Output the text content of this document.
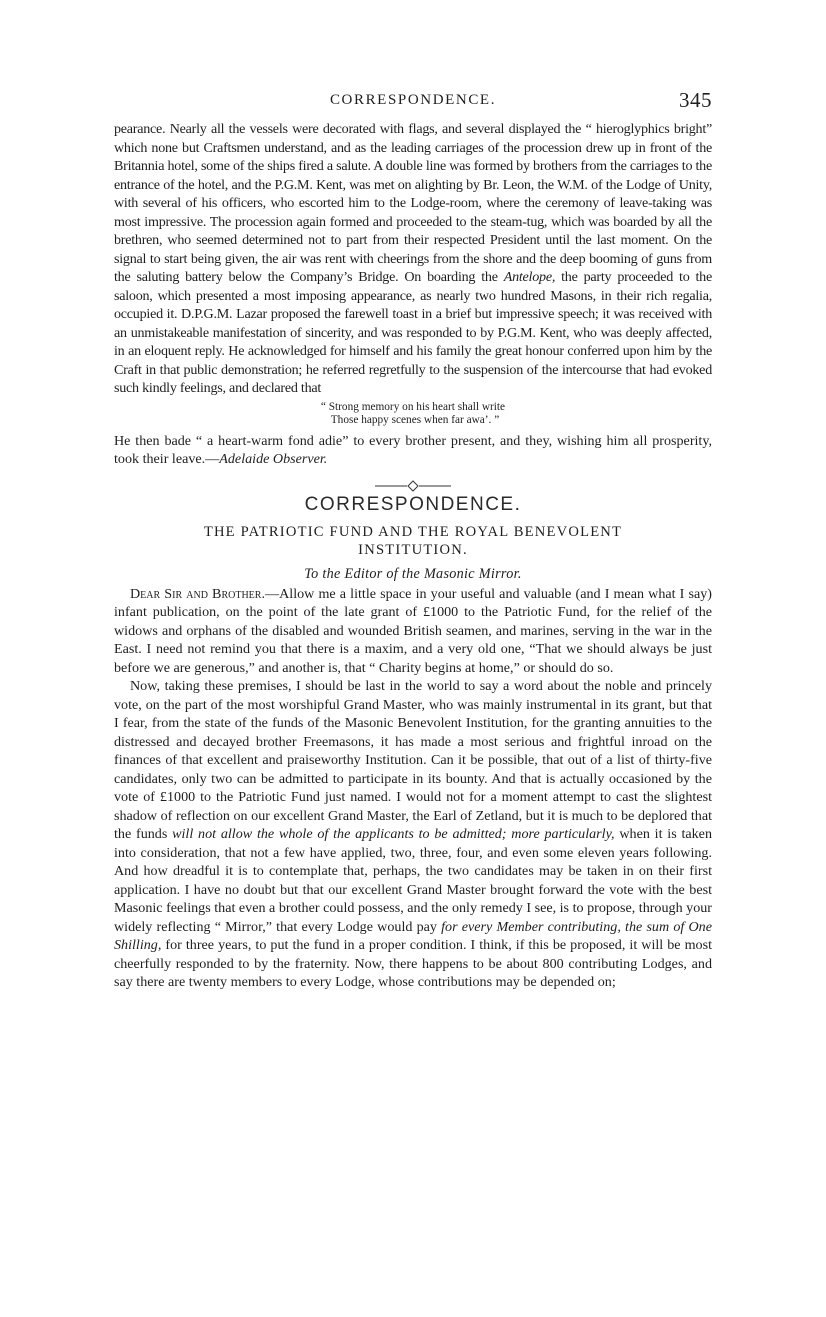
CORRESPONDENCE.	345

pearance. Nearly all the vessels were decorated with flags, and several displayed the “ hieroglyphics bright” which none but Craftsmen understand, and as the leading carriages of the procession drew up in front of the Britannia hotel, some of the ships fired a salute. A double line was formed by brothers from the carriages to the entrance of the hotel, and the P.G.M. Kent, was met on alighting by Br. Leon, the W.M. of the Lodge of Unity, with several of his officers, who escorted him to the Lodge-room, where the ceremony of leave-taking was most impressive. The procession again formed and proceeded to the steam-tug, which was boarded by all the brethren, who seemed determined not to part from their respected President until the last moment. On the signal to start being given, the air was rent with cheerings from the shore and the deep booming of guns from the saluting battery below the Company’s Bridge. On boarding the Antelope, the party proceeded to the saloon, which presented a most imposing appearance, as nearly two hundred Masons, in their rich regalia, occupied it. D.P.G.M. Lazar proposed the farewell toast in a brief but impressive speech; it was received with an unmistakeable manifestation of sincerity, and was responded to by P.G.M. Kent, who was deeply affected, in an eloquent reply. He acknowledged for himself and his family the great honour conferred upon him by the Craft in that public demonstration; he referred regretfully to the suspension of the intercourse that had evoked such kindly feelings, and declared that

“ Strong memory on his heart shall write
Those happy scenes when far awa’. ”

He then bade “ a heart-warm fond adie” to every brother present, and they, wishing him all prosperity, took their leave.—Adelaide Observer.

CORRESPONDENCE.
THE PATRIOTIC FUND AND THE ROYAL BENEVOLENT INSTITUTION.
To the Editor of the Masonic Mirror.

Dear Sir and Brother.—Allow me a little space in your useful and valuable (and I mean what I say) infant publication, on the point of the late grant of £1000 to the Patriotic Fund, for the relief of the widows and orphans of the disabled and wounded British seamen, and marines, serving in the war in the East. I need not remind you that there is a maxim, and a very old one, “That we should always be just before we are generous,” and another is, that “ Charity begins at home,” or should do so.

Now, taking these premises, I should be last in the world to say a word about the noble and princely vote, on the part of the most worshipful Grand Master, who was mainly instrumental in its grant, but that I fear, from the state of the funds of the Masonic Benevolent Institution, for the granting annuities to the distressed and decayed brother Freemasons, it has made a most serious and frightful inroad on the finances of that excellent and praiseworthy Institution. Can it be possible, that out of a list of thirty-five candidates, only two can be admitted to participate in its bounty. And that is actually occasioned by the vote of £1000 to the Patriotic Fund just named. I would not for a moment attempt to cast the slightest shadow of reflection on our excellent Grand Master, the Earl of Zetland, but it is much to be deplored that the funds will not allow the whole of the applicants to be admitted; more particularly, when it is taken into consideration, that not a few have applied, two, three, four, and even some eleven years following. And how dreadful it is to contemplate that, perhaps, the two candidates may be taken in on their first application. I have no doubt but that our excellent Grand Master brought forward the vote with the best Masonic feelings that even a brother could possess, and the only remedy I see, is to propose, through your widely reflecting “ Mirror,” that every Lodge would pay for every Member contributing, the sum of One Shilling, for three years, to put the fund in a proper condition. I think, if this be proposed, it will be most cheerfully responded to by the fraternity. Now, there happens to be about 800 contributing Lodges, and say there are twenty members to every Lodge, whose contributions may be depended on;
